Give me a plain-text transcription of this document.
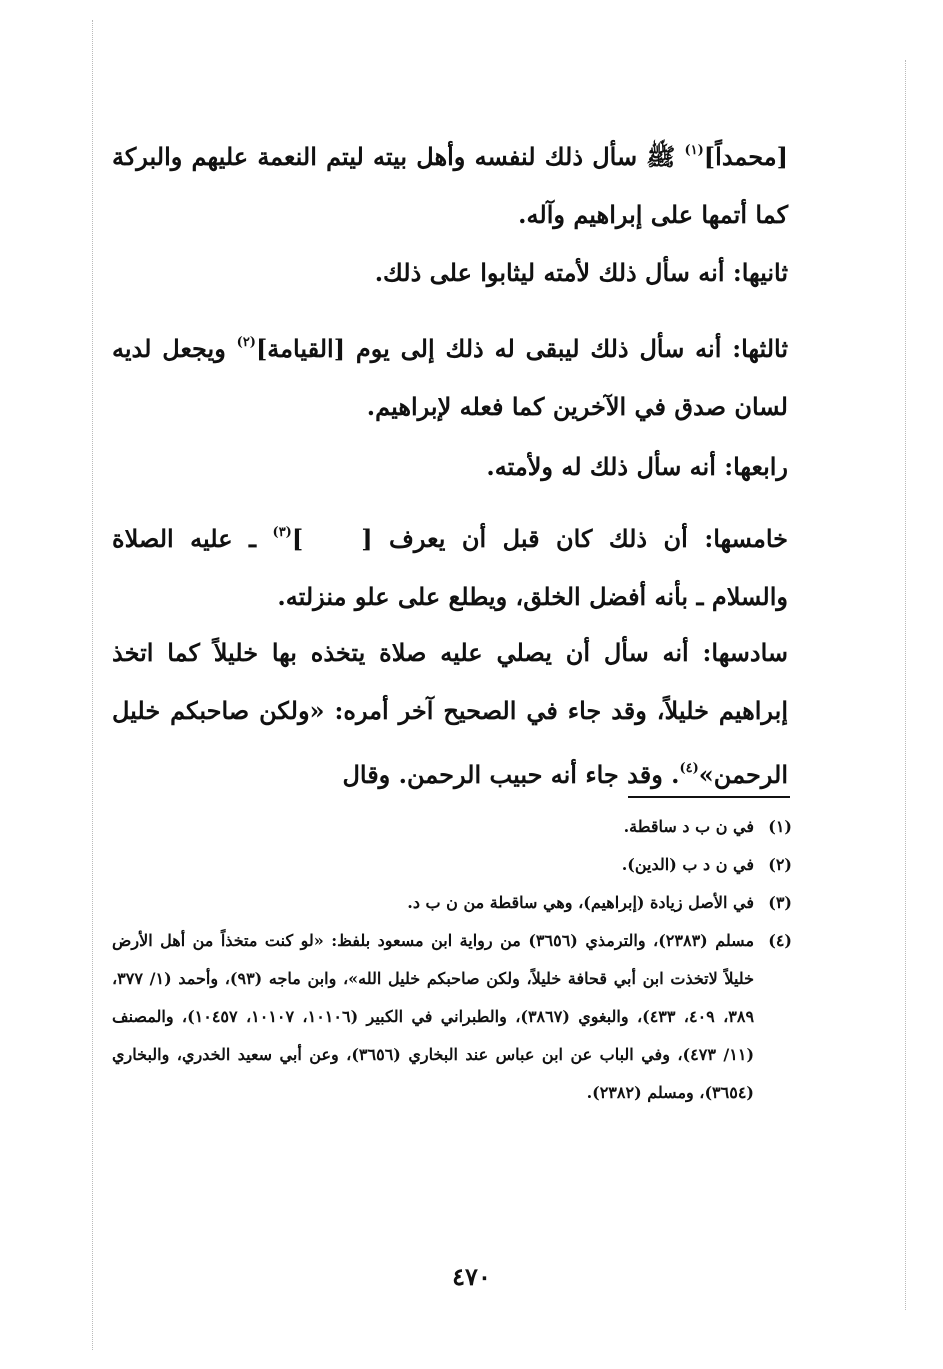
[محمداً]$^{(١)}$ ﷺ سأل ذلك لنفسه وأهل بيته ليتم النعمة عليهم والبركة كما أتمها على إبراهيم وآله.
ثانيها: أنه سأل ذلك لأمته ليثابوا على ذلك.
ثالثها: أنه سأل ذلك ليبقى له ذلك إلى يوم [القيامة]$^{(٢)}$ ويجعل لديه لسان صدق في الآخرين كما فعله لإبراهيم.
رابعها: أنه سأل ذلك له ولأمته.
خامسها: أن ذلك كان قبل أن يعرف []$^{(٣)}$ ـ عليه الصلاة والسلام ـ بأنه أفضل الخلق، ويطلع على علو منزلته.
سادسها: أنه سأل أن يصلي عليه صلاة يتخذه بها خليلاً كما اتخذ إبراهيم خليلاً، وقد جاء في الصحيح آخر أمره: «ولكن صاحبكم خليل الرحمن»$^{(٤)}$. وقد جاء أنه حبيب الرحمن. وقال
(١)
في ن ب د ساقطة.
(٢)
في ن د ب (الدين).
(٣)
في الأصل زيادة (إبراهيم)، وهي ساقطة من ن ب د.
(٤)
مسلم (٢٣٨٣)، والترمذي (٣٦٥٦) من رواية ابن مسعود بلفظ: «لو كنت متخذاً من أهل الأرض خليلاً لاتخذت ابن أبي قحافة خليلاً، ولكن صاحبكم خليل الله»، وابن ماجه (٩٣)، وأحمد (١/ ٣٧٧، ٣٨٩، ٤٠٩، ٤٣٣)، والبغوي (٣٨٦٧)، والطبراني في الكبير (١٠١٠٦، ١٠١٠٧، ١٠٤٥٧)، والمصنف (١١/ ٤٧٣)، وفي الباب عن ابن عباس عند البخاري (٣٦٥٦)، وعن أبي سعيد الخدري، والبخاري (٣٦٥٤)، ومسلم (٢٣٨٢).
٤٧٠
